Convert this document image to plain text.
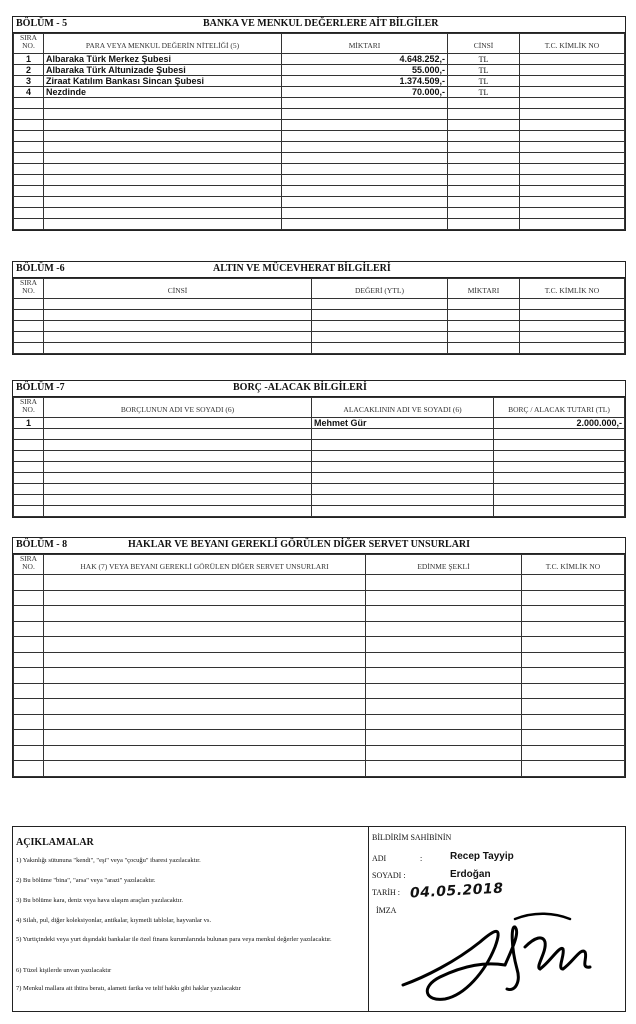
BÖLÜM - 5	BANKA VE MENKUL DEĞERLERE AİT BİLGİLER
SIRA NO.	PARA VEYA MENKUL DEĞERİN NİTELİĞİ (5)	MİKTARI	CİNSİ	T.C. KİMLİK NO
1	Albaraka Türk Merkez Şubesi	4.648.252,-	TL	
2	Albaraka Türk Altunizade Şubesi	55.000,-	TL	
3	Ziraat Katılım Bankası Sincan Şubesi	1.374.509,-	TL	
4	Nezdinde	70.000,-	TL	

BÖLÜM -6	ALTIN VE MÜCEVHERAT BİLGİLERİ
SIRA NO.	CİNSİ	DEĞERİ (YTL)	MİKTARI	T.C. KİMLİK NO

BÖLÜM -7	BORÇ -ALACAK BİLGİLERİ
SIRA NO.	BORÇLUNUN ADI VE SOYADI (6)	ALACAKLININ ADI VE SOYADI (6)	BORÇ / ALACAK TUTARI (TL)
1		Mehmet Gür	2.000.000,-

BÖLÜM - 8	HAKLAR VE BEYANI GEREKLİ GÖRÜLEN DİĞER SERVET UNSURLARI
SIRA NO.	HAK (7) VEYA BEYANI GEREKLİ GÖRÜLEN DİĞER SERVET UNSURLARI	EDİNME ŞEKLİ	T.C. KİMLİK NO

AÇIKLAMALAR
1) Yakınlığı sütununa "kendi", "eşi" veya "çocuğu" ibaresi yazılacaktır.
2) Bu bölüme "bina", "arsa" veya "arazi" yazılacaktır.
3) Bu bölüme kara, deniz veya hava ulaşım araçları yazılacaktır.
4) Silah, pul, diğer koleksiyonlar, antikalar, kıymetli tablolar, hayvanlar vs.
5) Yurtiçindeki veya yurt dışındaki bankalar ile özel finans kurumlarında bulunan para veya menkul değerler yazılacaktır.
6) Tüzel kişilerde unvan yazılacaktır
7) Menkul mallara ait ihtira beratı, alameti farika ve telif hakkı gibi haklar yazılacaktır
BİLDİRİM SAHİBİNİN
ADI	:	Recep Tayyip
SOYADI :	Erdoğan
TARİH : 04.05.2018
İMZA
